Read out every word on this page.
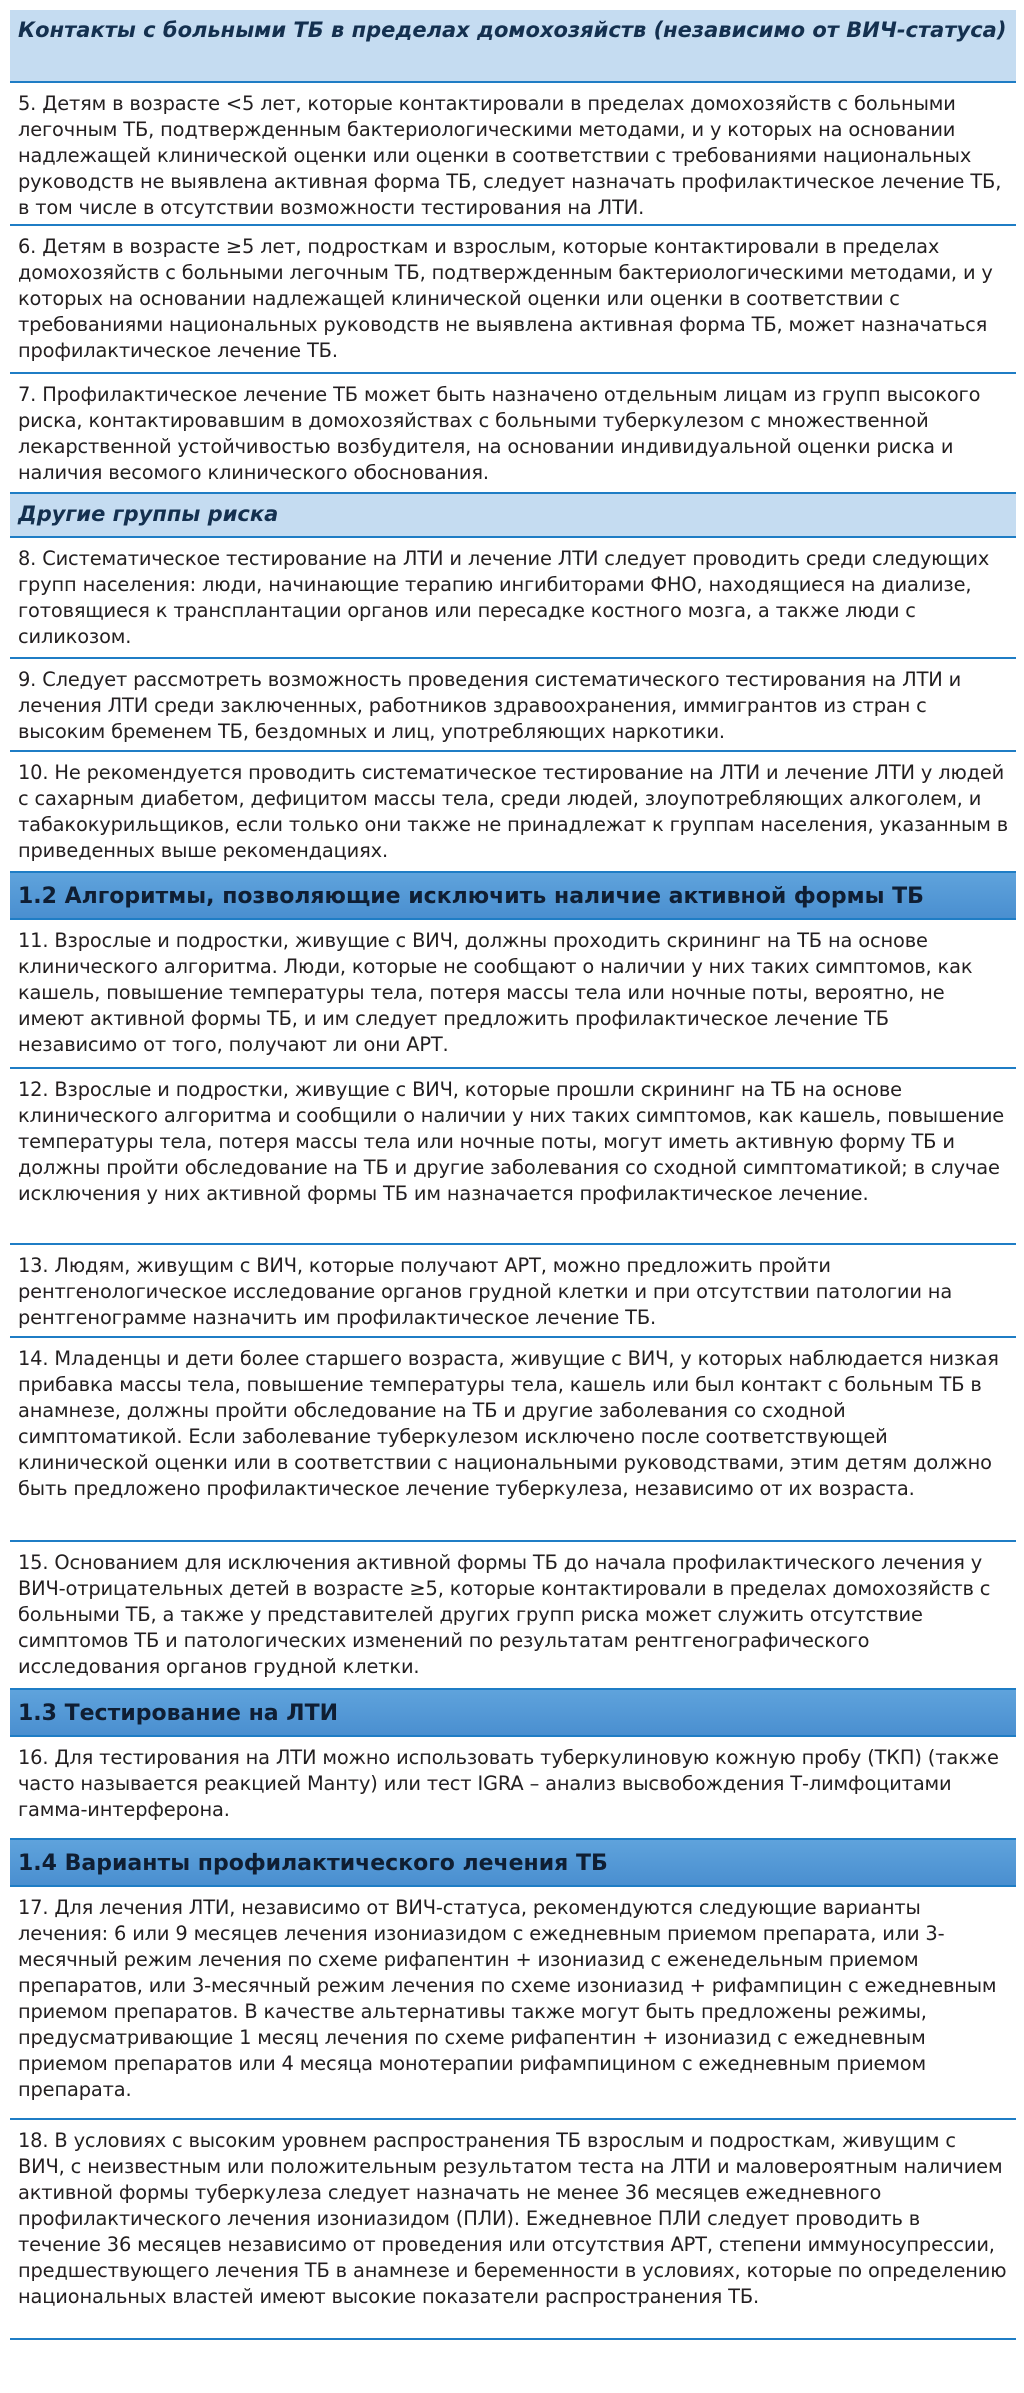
Контакты с больными ТБ в пределах домохозяйств (независимо от ВИЧ-статуса)
5. Детям в возрасте <5 лет, которые контактировали в пределах домохозяйств с больными легочным ТБ, подтвержденным бактериологическими методами, и у которых на основании надлежащей клинической оценки или оценки в соответствии с требованиями национальных руководств не выявлена активная форма ТБ, следует назначать профилактическое лечение ТБ, в том числе в отсутствии возможности тестирования на ЛТИ.
6. Детям в возрасте ≥5 лет, подросткам и взрослым, которые контактировали в пределах домохозяйств с больными легочным ТБ, подтвержденным бактериологическими методами, и у которых на основании надлежащей клинической оценки или оценки в соответствии с требованиями национальных руководств не выявлена активная форма ТБ, может назначаться профилактическое лечение ТБ.
7. Профилактическое лечение ТБ может быть назначено отдельным лицам из групп высокого риска, контактировавшим в домохозяйствах с больными туберкулезом с множественной лекарственной устойчивостью возбудителя, на основании индивидуальной оценки риска и наличия весомого клинического обоснования.
Другие группы риска
8. Систематическое тестирование на ЛТИ и лечение ЛТИ следует проводить среди следующих групп населения: люди, начинающие терапию ингибиторами ФНО, находящиеся на диализе, готовящиеся к трансплантации органов или пересадке костного мозга, а также люди с силикозом.
9. Следует рассмотреть возможность проведения систематического тестирования на ЛТИ и лечения ЛТИ среди заключенных, работников здравоохранения, иммигрантов из стран с высоким бременем ТБ, бездомных и лиц, употребляющих наркотики.
10. Не рекомендуется проводить систематическое тестирование на ЛТИ и лечение ЛТИ у людей с сахарным диабетом, дефицитом массы тела, среди людей, злоупотребляющих алкоголем, и табакокурильщиков, если только они также не принадлежат к группам населения, указанным в приведенных выше рекомендациях.
1.2 Алгоритмы, позволяющие исключить наличие активной формы ТБ
11. Взрослые и подростки, живущие с ВИЧ, должны проходить скрининг на ТБ на основе клинического алгоритма. Люди, которые не сообщают о наличии у них таких симптомов, как кашель, повышение температуры тела, потеря массы тела или ночные поты, вероятно, не имеют активной формы ТБ, и им следует предложить профилактическое лечение ТБ независимо от того, получают ли они АРТ.
12. Взрослые и подростки, живущие с ВИЧ, которые прошли скрининг на ТБ на основе клинического алгоритма и сообщили о наличии у них таких симптомов, как кашель, повышение температуры тела, потеря массы тела или ночные поты, могут иметь активную форму ТБ и должны пройти обследование на ТБ и другие заболевания со сходной симптоматикой; в случае исключения у них активной формы ТБ им назначается профилактическое лечение.
13. Людям, живущим с ВИЧ, которые получают АРТ, можно предложить пройти рентгенологическое исследование органов грудной клетки и при отсутствии патологии на рентгенограмме назначить им профилактическое лечение ТБ.
14. Младенцы и дети более старшего возраста, живущие с ВИЧ, у которых наблюдается низкая прибавка массы тела, повышение температуры тела, кашель или был контакт с больным ТБ в анамнезе, должны пройти обследование на ТБ и другие заболевания со сходной симптоматикой. Если заболевание туберкулезом исключено после соответствующей клинической оценки или в соответствии с национальными руководствами, этим детям должно быть предложено профилактическое лечение туберкулеза, независимо от их возраста.
15. Основанием для исключения активной формы ТБ до начала профилактического лечения у ВИЧ-отрицательных детей в возрасте ≥5, которые контактировали в пределах домохозяйств с больными ТБ, а также у представителей других групп риска может служить отсутствие симптомов ТБ и патологических изменений по результатам рентгенографического исследования органов грудной клетки.
1.3 Тестирование на ЛТИ
16. Для тестирования на ЛТИ можно использовать туберкулиновую кожную пробу (ТКП) (также часто называется реакцией Манту) или тест IGRA – анализ высвобождения Т-лимфоцитами гамма-интерферона.
1.4 Варианты профилактического лечения ТБ
17. Для лечения ЛТИ, независимо от ВИЧ-статуса, рекомендуются следующие варианты лечения: 6 или 9 месяцев лечения изониазидом с ежедневным приемом препарата, или 3-месячный режим лечения по схеме рифапентин + изониазид с еженедельным приемом препаратов, или 3-месячный режим лечения по схеме изониазид + рифампицин с ежедневным приемом препаратов. В качестве альтернативы также могут быть предложены режимы, предусматривающие 1 месяц лечения по схеме рифапентин + изониазид с ежедневным приемом препаратов или 4 месяца монотерапии рифампицином с ежедневным приемом препарата.
18. В условиях с высоким уровнем распространения ТБ взрослым и подросткам, живущим с ВИЧ, с неизвестным или положительным результатом теста на ЛТИ и маловероятным наличием активной формы туберкулеза следует назначать не менее 36 месяцев ежедневного профилактического лечения изониазидом (ПЛИ). Ежедневное ПЛИ следует проводить в течение 36 месяцев независимо от проведения или отсутствия АРТ, степени иммуносупрессии, предшествующего лечения ТБ в анамнезе и беременности в условиях, которые по определению национальных властей имеют высокие показатели распространения ТБ.
